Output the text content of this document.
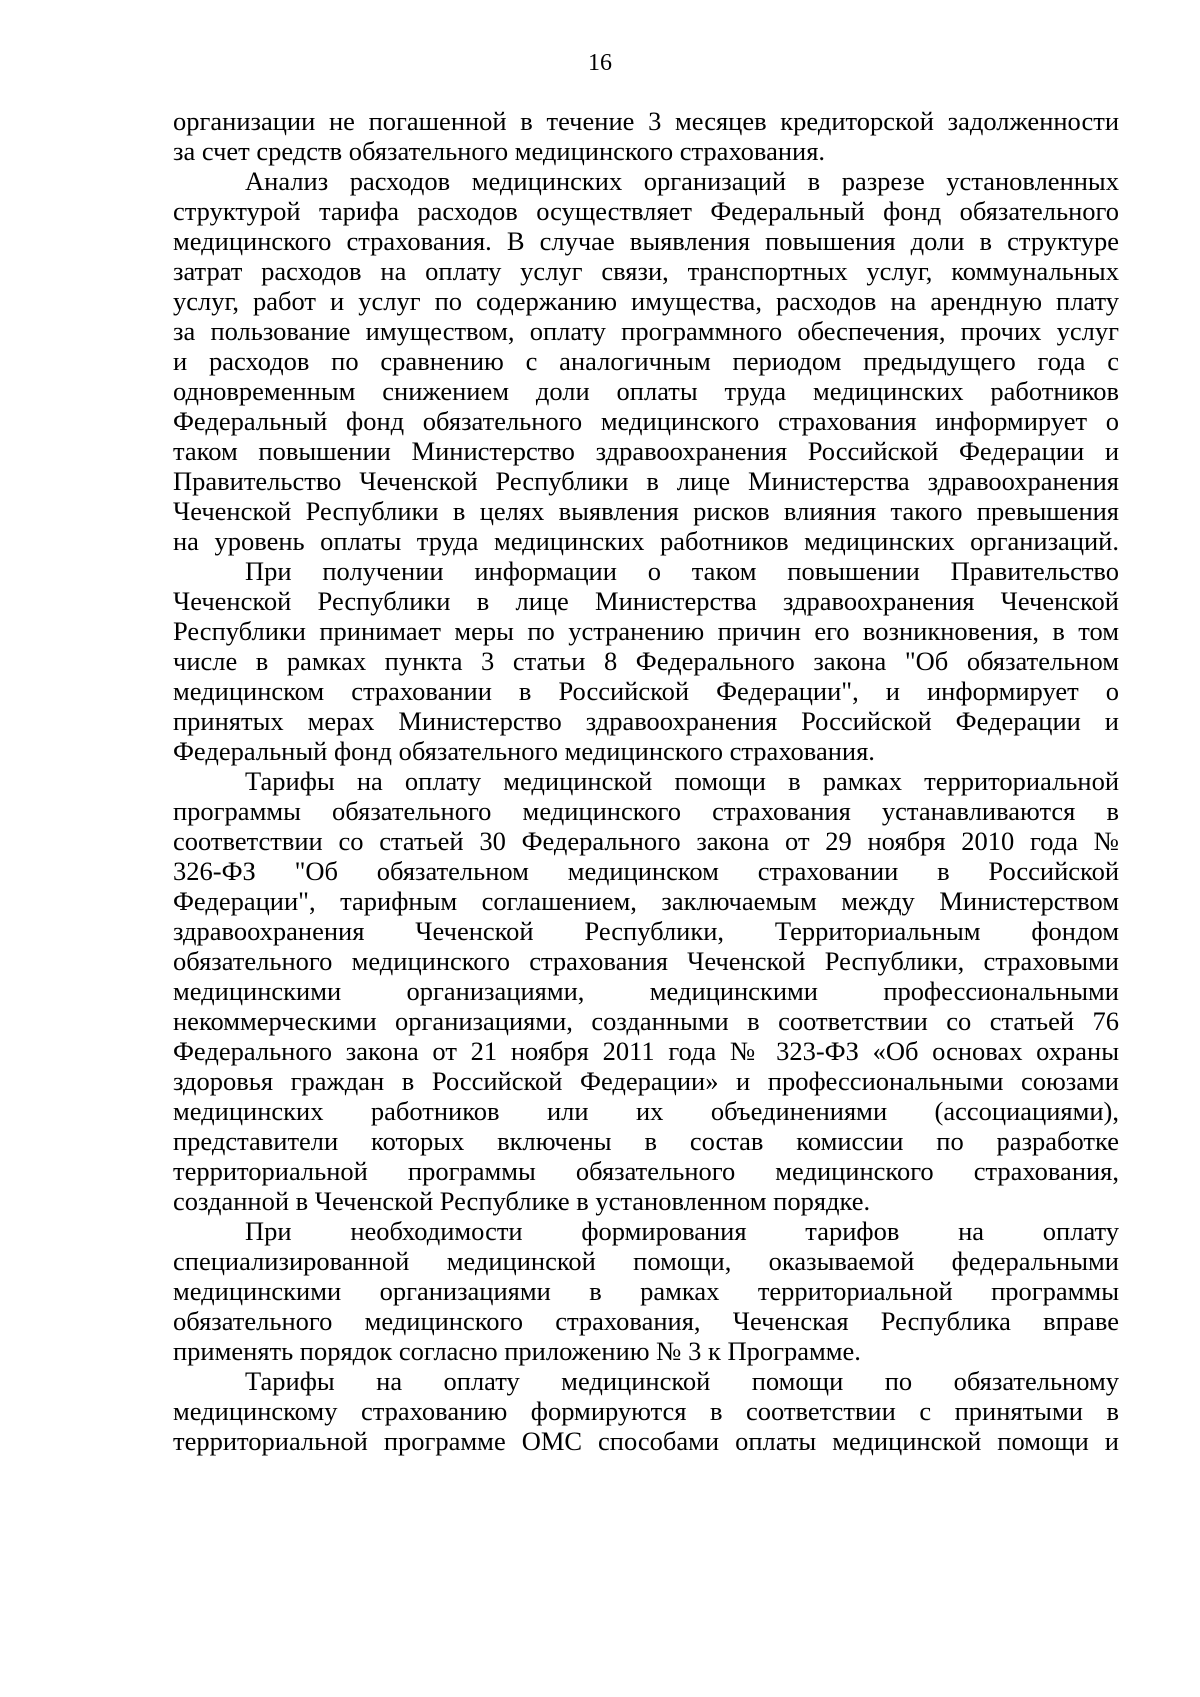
16
организации не погашенной в течение 3 месяцев кредиторской задолженности
за счет средств обязательного медицинского страхования.
Анализ расходов медицинских организаций в разрезе установленных
структурой тарифа расходов осуществляет Федеральный фонд обязательного
медицинского страхования. В случае выявления повышения доли в структуре
затрат расходов на оплату услуг связи, транспортных услуг, коммунальных
услуг, работ и услуг по содержанию имущества, расходов на арендную плату
за пользование имуществом, оплату программного обеспечения, прочих услуг
и расходов по сравнению с аналогичным периодом предыдущего года с
одновременным снижением доли оплаты труда медицинских работников
Федеральный фонд обязательного медицинского страхования информирует о
таком повышении Министерство здравоохранения Российской Федерации и
Правительство Чеченской Республики в лице Министерства здравоохранения
Чеченской Республики в целях выявления рисков влияния такого превышения
на уровень оплаты труда медицинских работников медицинских организаций.
При получении информации о таком повышении Правительство
Чеченской Республики в лице Министерства здравоохранения Чеченской
Республики принимает меры по устранению причин его возникновения, в том
числе в рамках пункта 3 статьи 8 Федерального закона "Об обязательном
медицинском страховании в Российской Федерации", и информирует о
принятых мерах Министерство здравоохранения Российской Федерации и
Федеральный фонд обязательного медицинского страхования.
Тарифы на оплату медицинской помощи в рамках территориальной
программы обязательного медицинского страхования устанавливаются в
соответствии со статьей 30 Федерального закона от 29 ноября 2010 года №
326-ФЗ "Об обязательном медицинском страховании в Российской
Федерации", тарифным соглашением, заключаемым между Министерством
здравоохранения Чеченской Республики, Территориальным фондом
обязательного медицинского страхования Чеченской Республики, страховыми
медицинскими организациями, медицинскими профессиональными
некоммерческими организациями, созданными в соответствии со статьей 76
Федерального закона от 21 ноября 2011 года № 323-ФЗ «Об основах охраны
здоровья граждан в Российской Федерации» и профессиональными союзами
медицинских работников или их объединениями (ассоциациями),
представители которых включены в состав комиссии по разработке
территориальной программы обязательного медицинского страхования,
созданной в Чеченской Республике в установленном порядке.
При необходимости формирования тарифов на оплату
специализированной медицинской помощи, оказываемой федеральными
медицинскими организациями в рамках территориальной программы
обязательного медицинского страхования, Чеченская Республика вправе
применять порядок согласно приложению № 3 к Программе.
Тарифы на оплату медицинской помощи по обязательному
медицинскому страхованию формируются в соответствии с принятыми в
территориальной программе ОМС способами оплаты медицинской помощи и
